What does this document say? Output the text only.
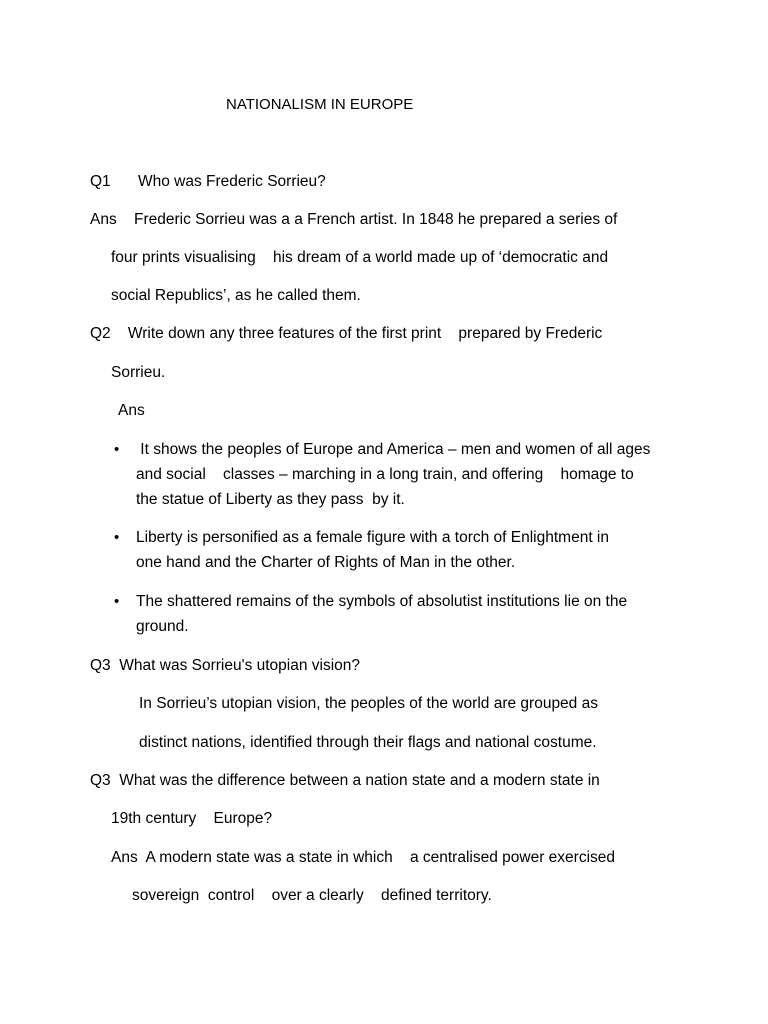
NATIONALISM IN EUROPE
Q1 Who was Frederic Sorrieu?
Ans Frederic Sorrieu was a a French artist. In 1848 he prepared a series of
four prints visualising    his dream of a world made up of ‘democratic and
social Republics’, as he called them.
Q2    Write down any three features of the first print    prepared by Frederic
Sorrieu.
Ans
• It shows the peoples of Europe and America – men and women of all ages
and social    classes – marching in a long train, and offering    homage to
the statue of Liberty as they pass  by it.
• Liberty is personified as a female figure with a torch of Enlightment in
one hand and the Charter of Rights of Man in the other.
• The shattered remains of the symbols of absolutist institutions lie on the
ground.
Q3  What was Sorrieu's utopian vision?
In Sorrieu’s utopian vision, the peoples of the world are grouped as
distinct nations, identified through their flags and national costume.
Q3  What was the difference between a nation state and a modern state in
19th century    Europe?
Ans  A modern state was a state in which    a centralised power exercised
sovereign  control    over a clearly    defined territory.
